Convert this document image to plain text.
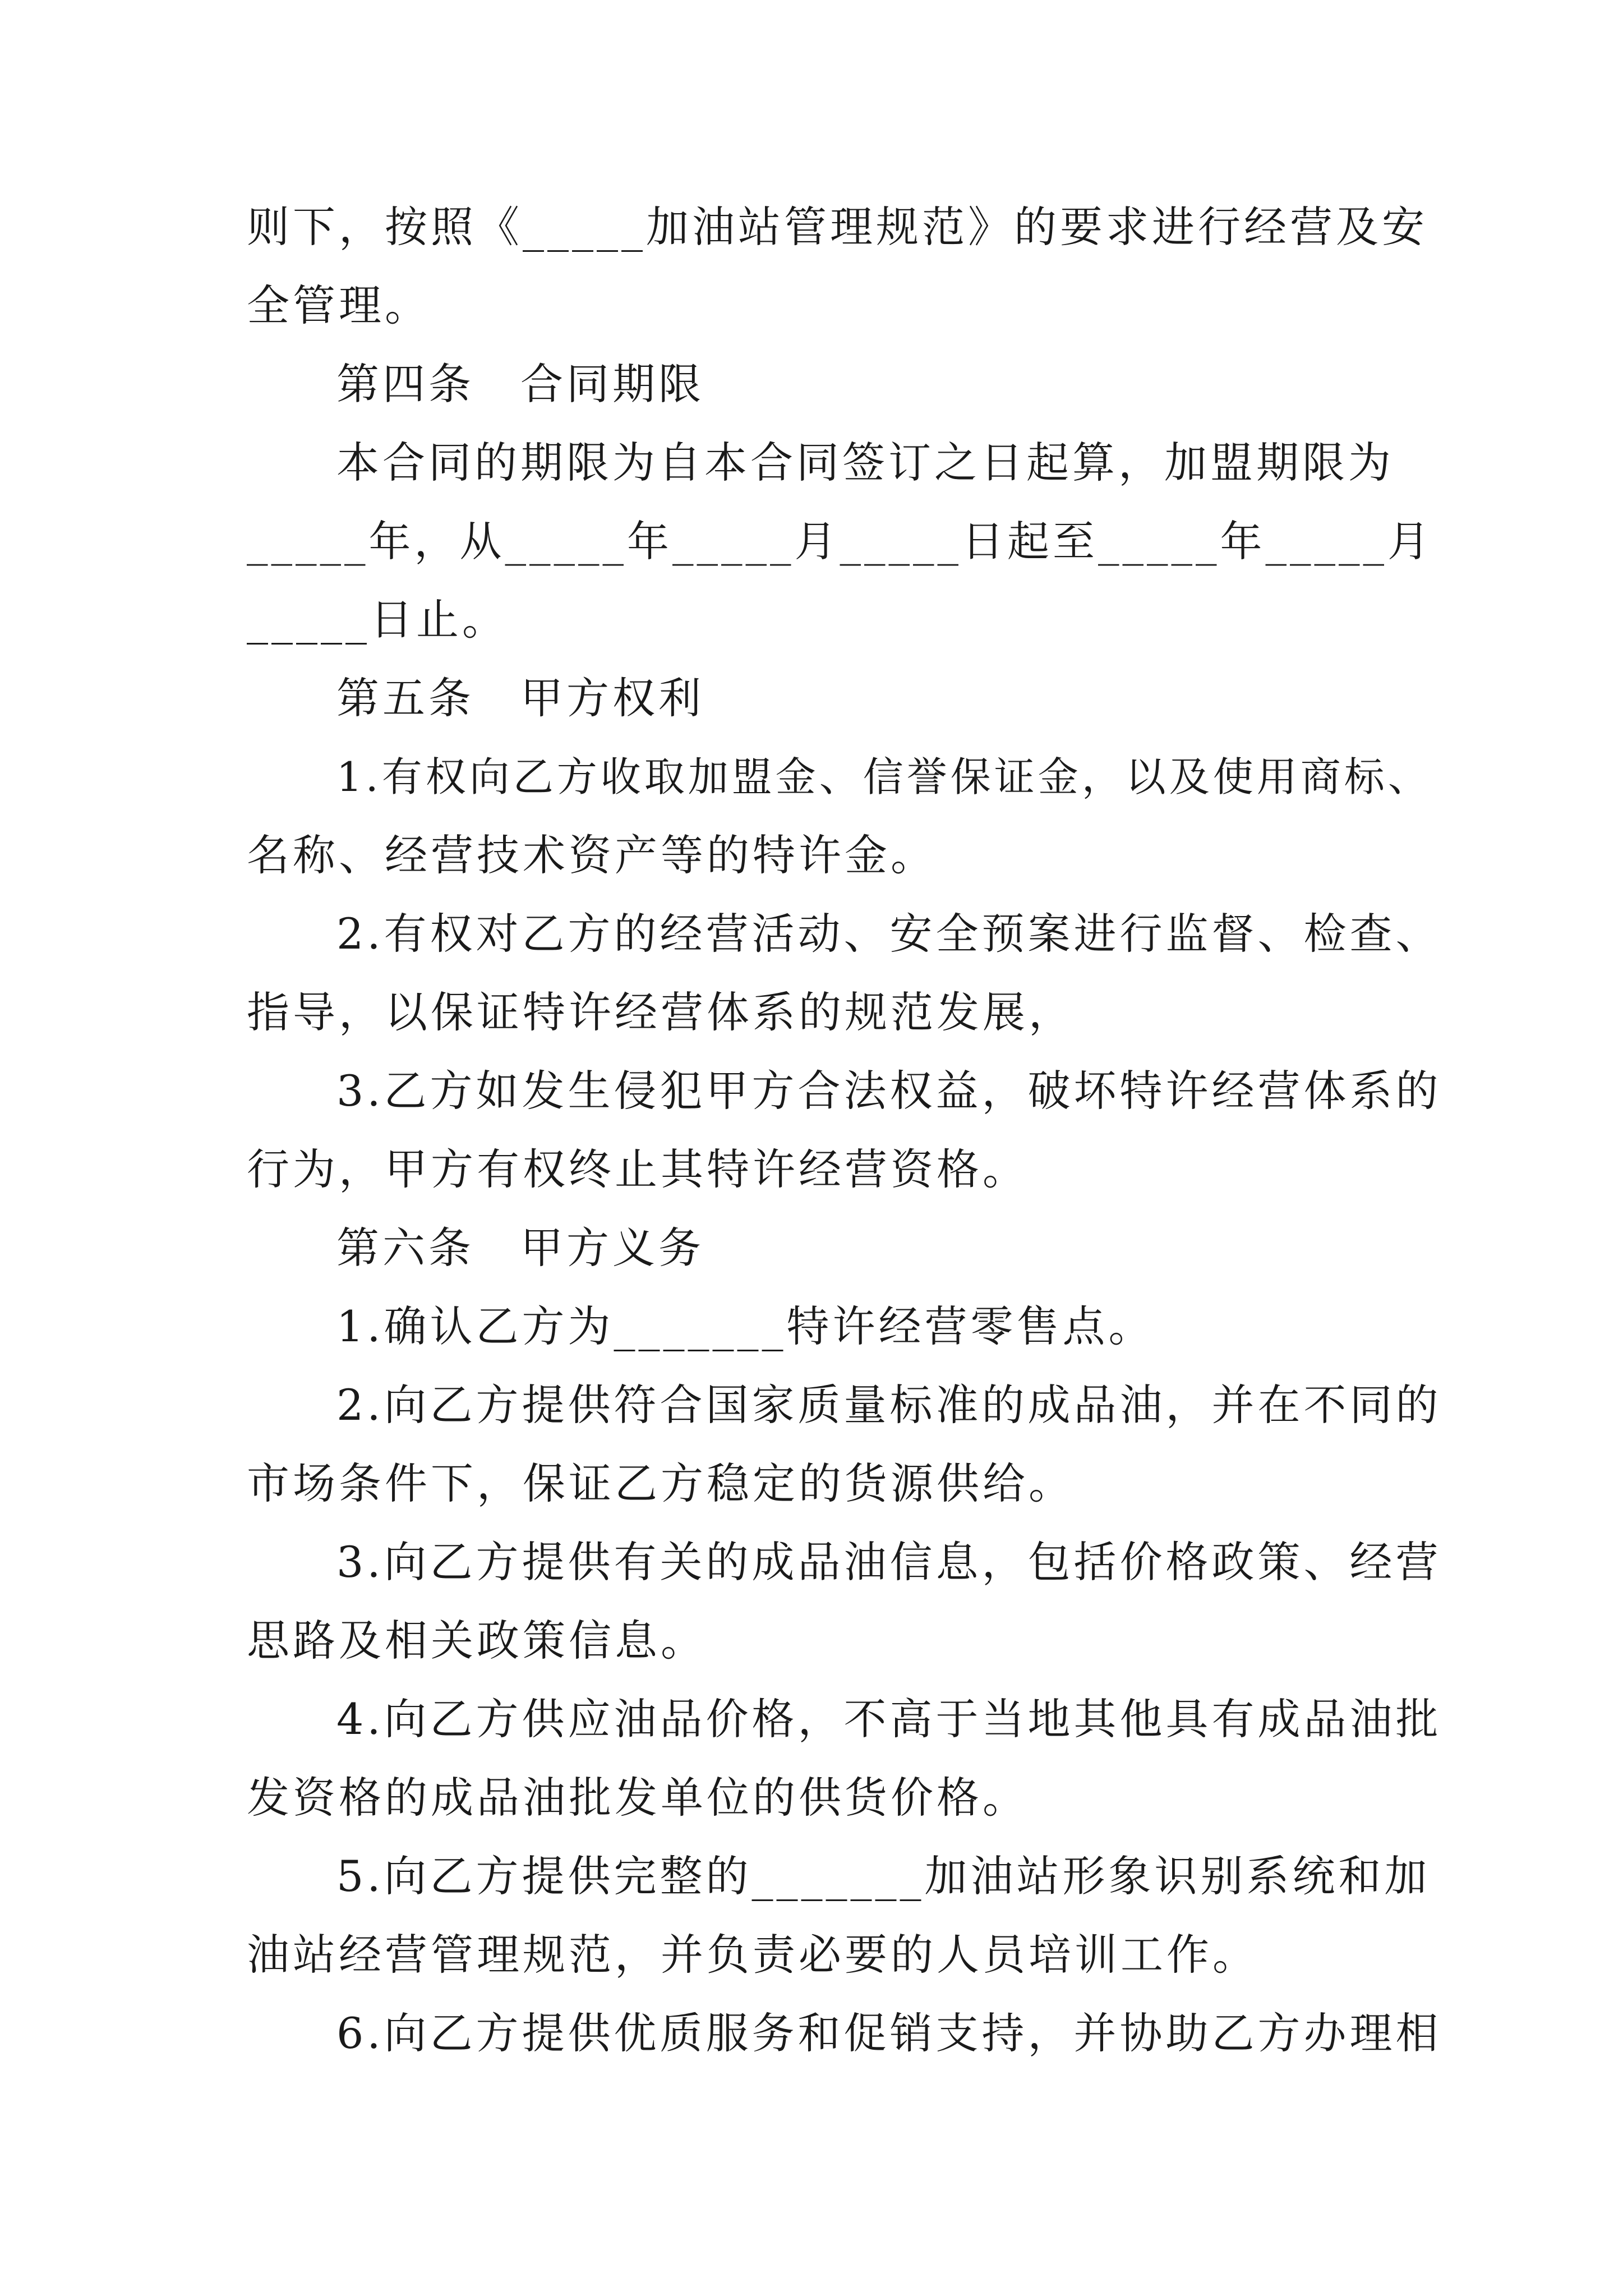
则下，按照《_____加油站管理规范》的要求进行经营及安
全管理。
第四条　合同期限
本合同的期限为自本合同签订之日起算，加盟期限为
_____年，从_____年_____月_____日起至_____年_____月
_____日止。
第五条　甲方权利
1.有权向乙方收取加盟金、信誉保证金，以及使用商标、
名称、经营技术资产等的特许金。
2.有权对乙方的经营活动、安全预案进行监督、检查、
指导，以保证特许经营体系的规范发展，
3.乙方如发生侵犯甲方合法权益，破坏特许经营体系的
行为，甲方有权终止其特许经营资格。
第六条　甲方义务
1.确认乙方为_______特许经营零售点。
2.向乙方提供符合国家质量标准的成品油，并在不同的
市场条件下，保证乙方稳定的货源供给。
3.向乙方提供有关的成品油信息，包括价格政策、经营
思路及相关政策信息。
4.向乙方供应油品价格，不高于当地其他具有成品油批
发资格的成品油批发单位的供货价格。
5.向乙方提供完整的_______加油站形象识别系统和加
油站经营管理规范，并负责必要的人员培训工作。
6.向乙方提供优质服务和促销支持，并协助乙方办理相
